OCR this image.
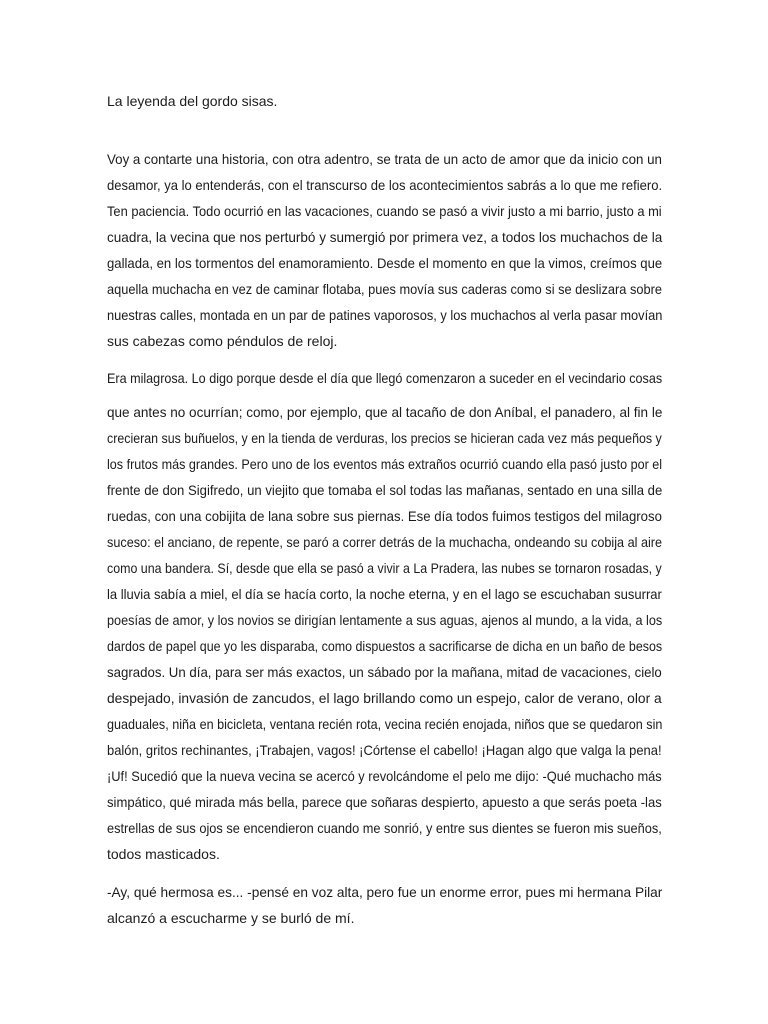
La leyenda del gordo sisas.
Voy a contarte una historia, con otra adentro, se trata de un acto de amor que da inicio con un
desamor, ya lo entenderás, con el transcurso de los acontecimientos sabrás a lo que me refiero.
Ten paciencia. Todo ocurrió en las vacaciones, cuando se pasó a vivir justo a mi barrio, justo a mi
cuadra, la vecina que nos perturbó y sumergió por primera vez, a todos los muchachos de la
gallada, en los tormentos del enamoramiento. Desde el momento en que la vimos, creímos que
aquella muchacha en vez de caminar flotaba, pues movía sus caderas como si se deslizara sobre
nuestras calles, montada en un par de patines vaporosos, y los muchachos al verla pasar movían
sus cabezas como péndulos de reloj.
Era milagrosa. Lo digo porque desde el día que llegó comenzaron a suceder en el vecindario cosas
que antes no ocurrían; como, por ejemplo, que al tacaño de don Aníbal, el panadero, al fin le
crecieran sus buñuelos, y en la tienda de verduras, los precios se hicieran cada vez más pequeños y
los frutos más grandes. Pero uno de los eventos más extraños ocurrió cuando ella pasó justo por el
frente de don Sigifredo, un viejito que tomaba el sol todas las mañanas, sentado en una silla de
ruedas, con una cobijita de lana sobre sus piernas. Ese día todos fuimos testigos del milagroso
suceso: el anciano, de repente, se paró a correr detrás de la muchacha, ondeando su cobija al aire
como una bandera. Sí, desde que ella se pasó a vivir a La Pradera, las nubes se tornaron rosadas, y
la lluvia sabía a miel, el día se hacía corto, la noche eterna, y en el lago se escuchaban susurrar
poesías de amor, y los novios se dirigían lentamente a sus aguas, ajenos al mundo, a la vida, a los
dardos de papel que yo les disparaba, como dispuestos a sacrificarse de dicha en un baño de besos
sagrados. Un día, para ser más exactos, un sábado por la mañana, mitad de vacaciones, cielo
despejado, invasión de zancudos, el lago brillando como un espejo, calor de verano, olor a
guaduales, niña en bicicleta, ventana recién rota, vecina recién enojada, niños que se quedaron sin
balón, gritos rechinantes, ¡Trabajen, vagos! ¡Córtense el cabello! ¡Hagan algo que valga la pena!
¡Uf! Sucedió que la nueva vecina se acercó y revolcándome el pelo me dijo: -Qué muchacho más
simpático, qué mirada más bella, parece que soñaras despierto, apuesto a que serás poeta -las
estrellas de sus ojos se encendieron cuando me sonrió, y entre sus dientes se fueron mis sueños,
todos masticados.
-Ay, qué hermosa es... -pensé en voz alta, pero fue un enorme error, pues mi hermana Pilar
alcanzó a escucharme y se burló de mí.
